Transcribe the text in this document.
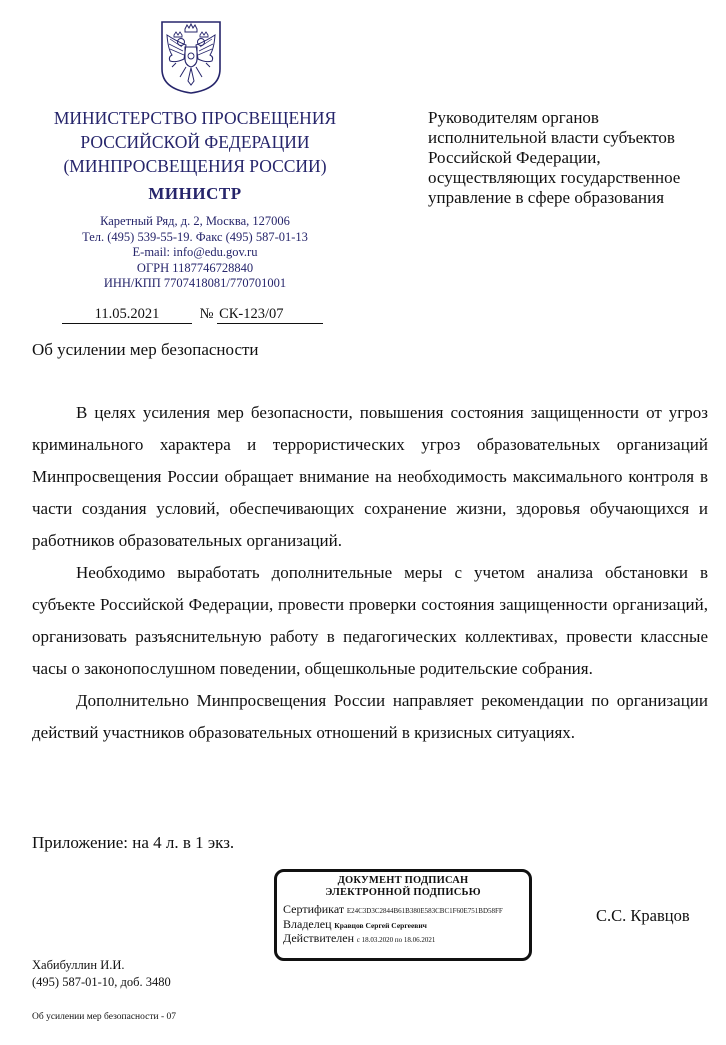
МИНИСТЕРСТВО ПРОСВЕЩЕНИЯ
РОССИЙСКОЙ ФЕДЕРАЦИИ
(МИНПРОСВЕЩЕНИЯ РОССИИ)
МИНИСТР
Каретный Ряд, д. 2, Москва, 127006
Тел. (495) 539-55-19. Факс (495) 587-01-13
E-mail: info@edu.gov.ru
ОГРН 1187746728840
ИНН/КПП 7707418081/770701001
Руководителям органов
исполнительной власти субъектов
Российской Федерации,
осуществляющих государственное
управление в сфере образования
11.05.2021	№ СК-123/07
Об усилении мер безопасности

В целях усиления мер безопасности, повышения состояния защищенности от угроз криминального характера и террористических угроз образовательных организаций Минпросвещения России обращает внимание на необходимость максимального контроля в части создания условий, обеспечивающих сохранение жизни, здоровья обучающихся и работников образовательных организаций.

Необходимо выработать дополнительные меры с учетом анализа обстановки в субъекте Российской Федерации, провести проверки состояния защищенности организаций, организовать разъяснительную работу в педагогических коллективах, провести классные часы о законопослушном поведении, общешкольные родительские собрания.

Дополнительно Минпросвещения России направляет рекомендации по организации действий участников образовательных отношений в кризисных ситуациях.

Приложение: на 4 л. в 1 экз.
ДОКУМЕНТ ПОДПИСАН
ЭЛЕКТРОННОЙ ПОДПИСЬЮ
Сертификат E24C3D3C2844B61B380E583CBC1F60E751BD58FF
Владелец Кравцов Сергей Сергеевич
Действителен с 18.03.2020 по 18.06.2021
С.С. Кравцов
Хабибуллин И.И.
(495) 587-01-10, доб. 3480
Об усилении мер безопасности - 07
